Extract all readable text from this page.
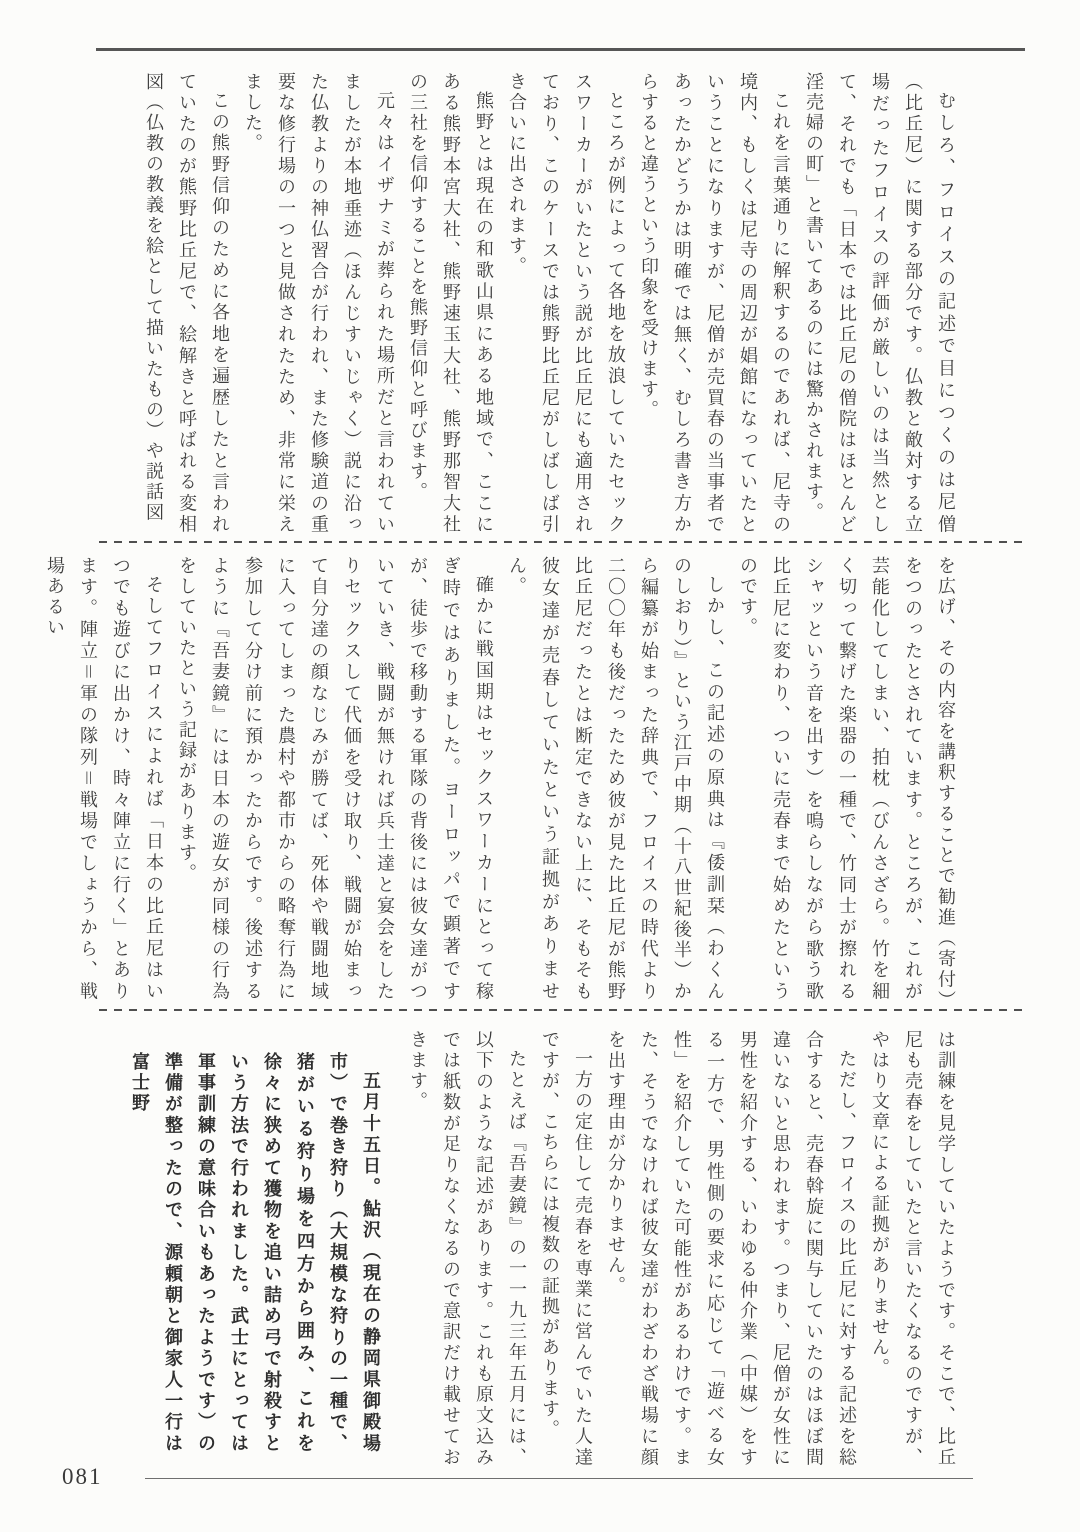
むしろ、フロイスの記述で目につくのは尼僧（比丘尼）に関する部分です。仏教と敵対する立場だったフロイスの評価が厳しいのは当然として、それでも「日本では比丘尼の僧院はほとんど淫売婦の町」と書いてあるのには驚かされます。

これを言葉通りに解釈するのであれば、尼寺の境内、もしくは尼寺の周辺が娼館になっていたということになりますが、尼僧が売買春の当事者であったかどうかは明確では無く、むしろ書き方からすると違うという印象を受けます。

ところが例によって各地を放浪していたセックスワーカーがいたという説が比丘尼にも適用されており、このケースでは熊野比丘尼がしばしば引き合いに出されます。

熊野とは現在の和歌山県にある地域で、ここにある熊野本宮大社、熊野速玉大社、熊野那智大社の三社を信仰することを熊野信仰と呼びます。

元々はイザナミが葬られた場所だと言われていましたが本地垂迹（ほんじすいじゃく）説に沿った仏教よりの神仏習合が行われ、また修験道の重要な修行場の一つと見做されたため、非常に栄えました。

この熊野信仰のために各地を遍歴したと言われていたのが熊野比丘尼で、絵解きと呼ばれる変相図（仏教の教義を絵として描いたもの）や説話図

を広げ、その内容を講釈することで勧進（寄付）をつのったとされています。ところが、これが芸能化してしまい、拍枕（びんさざら。竹を細く切って繋げた楽器の一種で、竹同士が擦れるシャッという音を出す）を鳴らしながら歌う歌比丘尼に変わり、ついに売春まで始めたというのです。

しかし、この記述の原典は『倭訓栞（わくんのしおり）』という江戸中期（十八世紀後半）から編纂が始まった辞典で、フロイスの時代より二〇〇年も後だったため彼が見た比丘尼が熊野比丘尼だったとは断定できない上に、そもそも彼女達が売春していたという証拠がありません。

確かに戦国期はセックスワーカーにとって稼ぎ時ではありました。ヨーロッパで顕著ですが、徒歩で移動する軍隊の背後には彼女達がついていき、戦闘が無ければ兵士達と宴会をしたりセックスして代価を受け取り、戦闘が始まって自分達の顔なじみが勝てば、死体や戦闘地域に入ってしまった農村や都市からの略奪行為に参加して分け前に預かったからです。後述するように『吾妻鏡』には日本の遊女が同様の行為をしていたという記録があります。

そしてフロイスによれば「日本の比丘尼はいつでも遊びに出かけ、時々陣立に行く」とあります。陣立＝軍の隊列＝戦場でしょうから、戦場あるい

は訓練を見学していたようです。そこで、比丘尼も売春をしていたと言いたくなるのですが、やはり文章による証拠がありません。

ただし、フロイスの比丘尼に対する記述を総合すると、売春斡旋に関与していたのはほぼ間違いないと思われます。つまり、尼僧が女性に男性を紹介する、いわゆる仲介業（中媒）をする一方で、男性側の要求に応じて「遊べる女性」を紹介していた可能性があるわけです。また、そうでなければ彼女達がわざわざ戦場に顔を出す理由が分かりません。

一方の定住して売春を専業に営んでいた人達ですが、こちらには複数の証拠があります。

たとえば『吾妻鏡』の一一九三年五月には、以下のような記述があります。これも原文込みでは紙数が足りなくなるので意訳だけ載せておきます。

五月十五日。鮎沢（現在の静岡県御殿場市）で巻き狩り（大規模な狩りの一種で、猪がいる狩り場を四方から囲み、これを徐々に狭めて獲物を追い詰め弓で射殺すという方法で行われました。武士にとっては軍事訓練の意味合いもあったようです）の準備が整ったので、源頼朝と御家人一行は富士野

081
